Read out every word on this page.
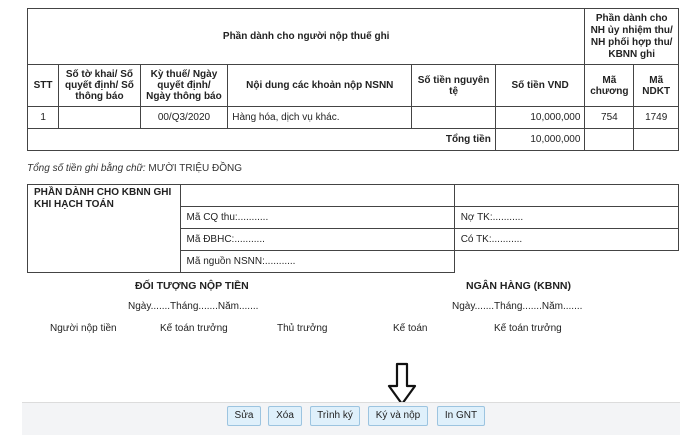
Phần dành cho người nộp thuế ghi						Phần dành cho NH ủy nhiệm thu/ NH phối hợp thu/ KBNN ghi	
STT	Số tờ khai/ Số quyết định/ Số thông báo	Kỳ thuế/ Ngày quyết định/ Ngày thông báo	Nội dung các khoản nộp NSNN	Số tiền nguyên tệ	Số tiền VND	Mã chương	Mã NDKT
1		00/Q3/2020	Hàng hóa, dịch vụ khác.		10,000,000	754	1749
Tổng tiền					10,000,000		
Tổng số tiền ghi bằng chữ: MƯỜI TRIỆU ĐỒNG
PHẦN DÀNH CHO KBNN GHI KHI HẠCH TOÁN		
	Mã CQ thu:...........	Nợ TK:...........
	Mã ĐBHC:...........	Có TK:...........
	Mã nguồn NSNN:...........	
ĐỐI TƯỢNG NỘP TIỀN
Ngày.......Tháng.......Năm.......
NGÂN HÀNG (KBNN)
Ngày.......Tháng.......Năm.......
Người nộp tiền	Kế toán trưởng	Thủ trưởng	Kế toán	Kế toán trưởng
Sửa	Xóa	Trình ký	Ký và nộp	In GNT
